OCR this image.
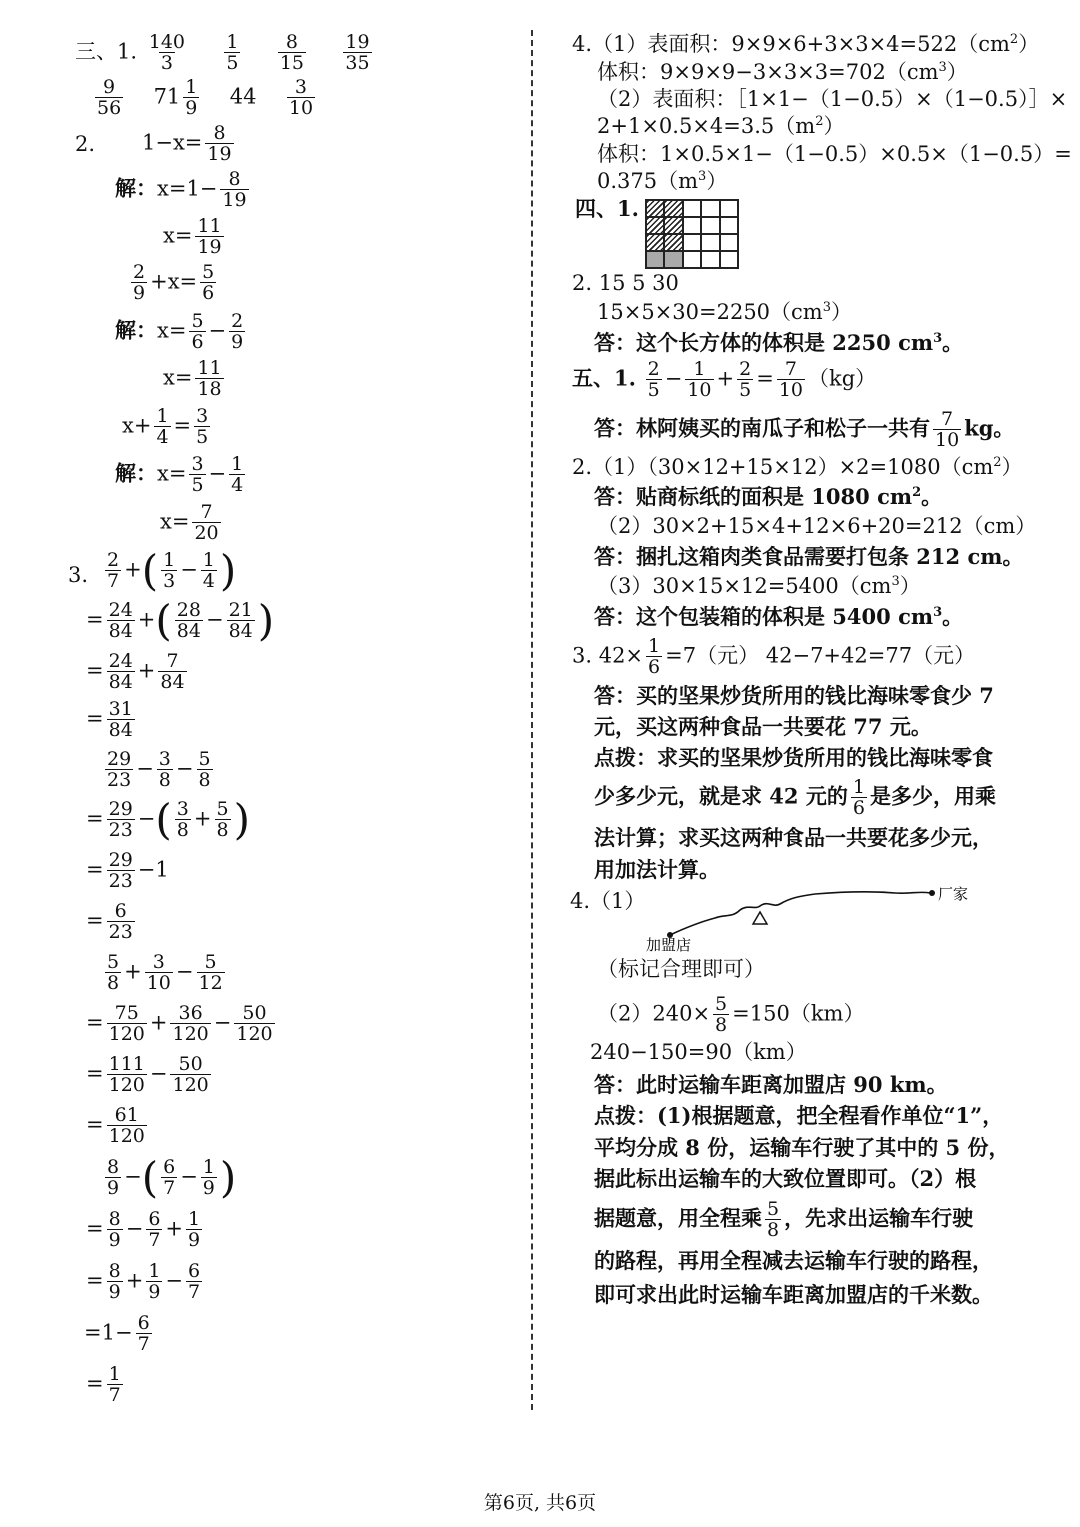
三、1. $\frac{140}{3}$
$\frac{1}{5}$
$\frac{8}{15}$
$\frac{19}{35}$
$\frac{9}{56} 71 \frac{1}{9} 44 \frac{3}{10}$
2. $1-x= \frac{8}{19}$
解：$x=1- \frac{8}{19}$
$x= \frac{11}{19}$
$\frac{2}{9} +x= \frac{5}{6}$
解：$x= \frac{5}{6} - \frac{2}{9}$
$x= \frac{11}{18}$
$x+ \frac{1}{4} = \frac{3}{5}$
解：$x= \frac{3}{5} - \frac{1}{4}$
$x= \frac{7}{20}$
3. $\frac{2}{7}$ +( $\frac{1}{3} - \frac{1}{4}$ )
= $\frac{24}{84}$ +( $\frac{28}{84} - \frac{21}{84}$ )
= $\frac{24}{84} + \frac{7}{84}$
= $\frac{31}{84}$
$\frac{29}{23} - \frac{3}{8} - \frac{5}{8}$
= $\frac{29}{23}$ −( $\frac{3}{8} + \frac{5}{8}$ )
= $\frac{29}{23} -1$
= $\frac{6}{23}$
$\frac{5}{8} + \frac{3}{10} - \frac{5}{12}$
= $\frac{75}{120} + \frac{36}{120} - \frac{50}{120}$
= $\frac{111}{120} - \frac{50}{120}$
= $\frac{61}{120}$
$\frac{8}{9}$ −( $\frac{6}{7} - \frac{1}{9}$ )
= $\frac{8}{9} - \frac{6}{7} + \frac{1}{9}$
= $\frac{8}{9} + \frac{1}{9} - \frac{6}{7}$
$=1- \frac{6}{7}$
= $\frac{1}{7}$
4.（1）表面积：$9\times 9\times 6+3\times 3\times 4=522(cm^2)$
体积：$9\times 9\times 9-3\times 3\times 3=702(cm^3)$
（2）表面积：［1×1−（1−0.5）×（1−0.5）］×
$2+1\times 0.5\times 4=3.5(m^2)$
体积：1×0.5×1−（1−0.5）×0.5×（1−0.5）=
$0.375(m^3)$
四、1.
2. 15 5 30
$15\times 5\times 30=2250(cm^3)$
答：这个长方体的体积是 2250 $cm^3$。
五、1. $\frac{2}{5} - \frac{1}{10} + \frac{2}{5} = \frac{7}{10} (kg)$
答：林阿姨买的南瓜子和松子一共有 $\frac{7}{10}$ kg。
$2.(1)(30\times 12+15\times 12)\times 2=1080(cm^2)$
答：贴商标纸的面积是 1080 $cm^2$。
（2）30×2+15×4+12×6+20=212（cm）
答：捆扎这箱肉类食品需要打包条 212 cm。
$(3)30\times 15\times 12=5400(cm^3)$
答：这个包装箱的体积是 5400 $cm^3$。
3. $42\times \frac{1}{6} =7$（元） 42−7+42=77（元）
答：买的坚果炒货所用的钱比海味零食少 7
元，买这两种食品一共要花 77 元。
点拨：求买的坚果炒货所用的钱比海味零食
少多少元，就是求 42 元的 $\frac{1}{6}$ 是多少，用乘
法计算；求买这两种食品一共要花多少元，
用加法计算。
4.（1）	厂家
加盟店
（标记合理即可）
$(2)240\times \frac{5}{8} =150(km)$
240−150=90（km）
答：此时运输车距离加盟店 90 km。
点拨：(1)根据题意，把全程看作单位“1”，
平均分成 8 份，运输车行驶了其中的 5 份，
据此标出运输车的大致位置即可。（2）根
据题意，用全程乘 $\frac{5}{8}$ ，先求出运输车行驶
的路程，再用全程减去运输车行驶的路程，
即可求出此时运输车距离加盟店的千米数。
第6页, 共6页
